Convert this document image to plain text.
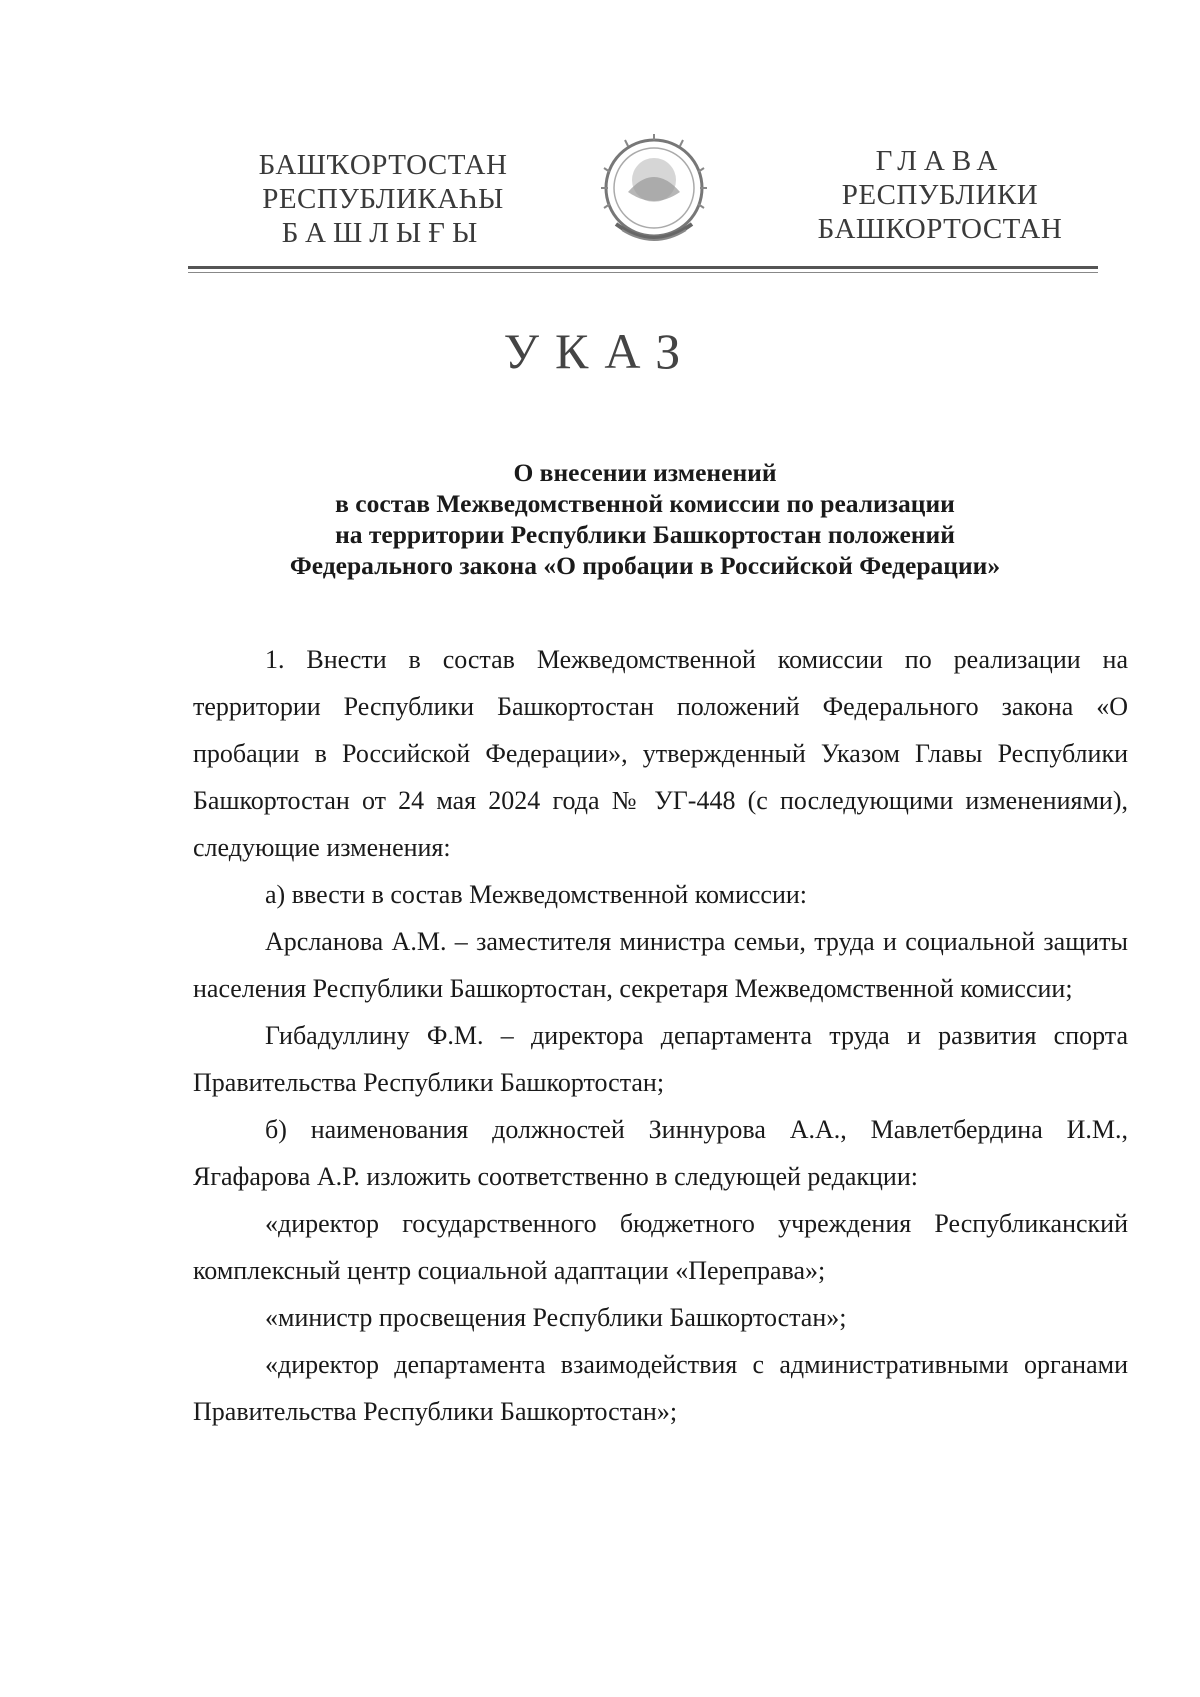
БАШҠОРТОСТАН
РЕСПУБЛИКАҺЫ
БАШЛЫҒЫ
ГЛАВА
РЕСПУБЛИКИ
БАШКОРТОСТАН
УКАЗ
О внесении изменений
в состав Межведомственной комиссии по реализации
на территории Республики Башкортостан положений
Федерального закона «О пробации в Российской Федерации»

1. Внести в состав Межведомственной комиссии по реализации на территории Республики Башкортостан положений Федерального закона «О пробации в Российской Федерации», утвержденный Указом Главы Республики Башкортостан от 24 мая 2024 года № УГ-448 (с последующими изменениями), следующие изменения:

а) ввести в состав Межведомственной комиссии:

Арсланова А.М. – заместителя министра семьи, труда и социальной защиты населения Республики Башкортостан, секретаря Межведомственной комиссии;

Гибадуллину Ф.М. – директора департамента труда и развития спорта Правительства Республики Башкортостан;

б) наименования должностей Зиннурова А.А., Мавлетбердина И.М., Ягафарова А.Р. изложить соответственно в следующей редакции:

«директор государственного бюджетного учреждения Республиканский комплексный центр социальной адаптации «Переправа»;

«министр просвещения Республики Башкортостан»;

«директор департамента взаимодействия с административными органами Правительства Республики Башкортостан»;
